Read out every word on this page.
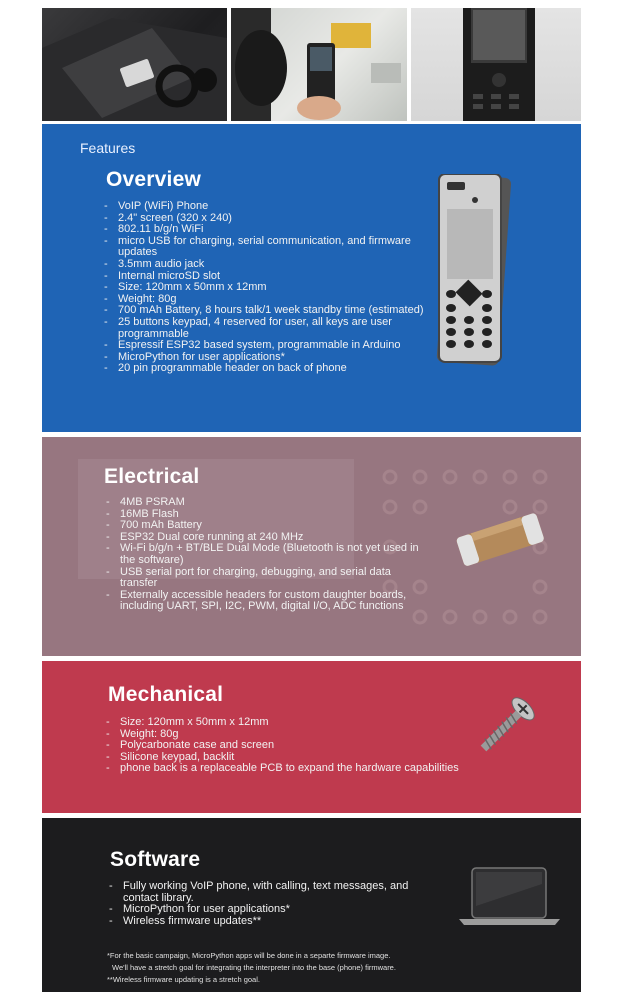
Features
Overview
- VoIP (WiFi) Phone
- 2.4" screen (320 x 240)
- 802.11 b/g/n WiFi
- micro USB for charging, serial communication, and firmware updates
- 3.5mm audio jack
- Internal microSD slot
- Size: 120mm x 50mm x 12mm
- Weight: 80g
- 700 mAh Battery, 8 hours talk/1 week standby time (estimated)
- 25 buttons keypad, 4 reserved for user, all keys are user programmable
- Espressif ESP32 based system, programmable in Arduino
- MicroPython for user applications*
- 20 pin programmable header on back of phone
Electrical
- 4MB PSRAM
- 16MB Flash
- 700 mAh Battery
- ESP32 Dual core running at 240 MHz
- Wi-Fi b/g/n + BT/BLE Dual Mode (Bluetooth is not yet used in the software)
- USB serial port for charging, debugging, and serial data transfer
- Externally accessible headers for custom daughter boards, including UART, SPI, I2C, PWM, digital I/O, ADC functions
Mechanical
- Size: 120mm x 50mm x 12mm
- Weight: 80g
- Polycarbonate case and screen
- Silicone keypad, backlit
- phone back is a replaceable PCB to expand the hardware capabilities
Software
- Fully working VoIP phone, with calling, text messages, and contact library.
- MicroPython for user applications*
- Wireless firmware updates**
*For the basic campaign, MicroPython apps will be done in a separte firmware image.
We'll have a stretch goal for integrating the interpreter into the base (phone) firmware.
**Wireless firmware updating is a stretch goal.
